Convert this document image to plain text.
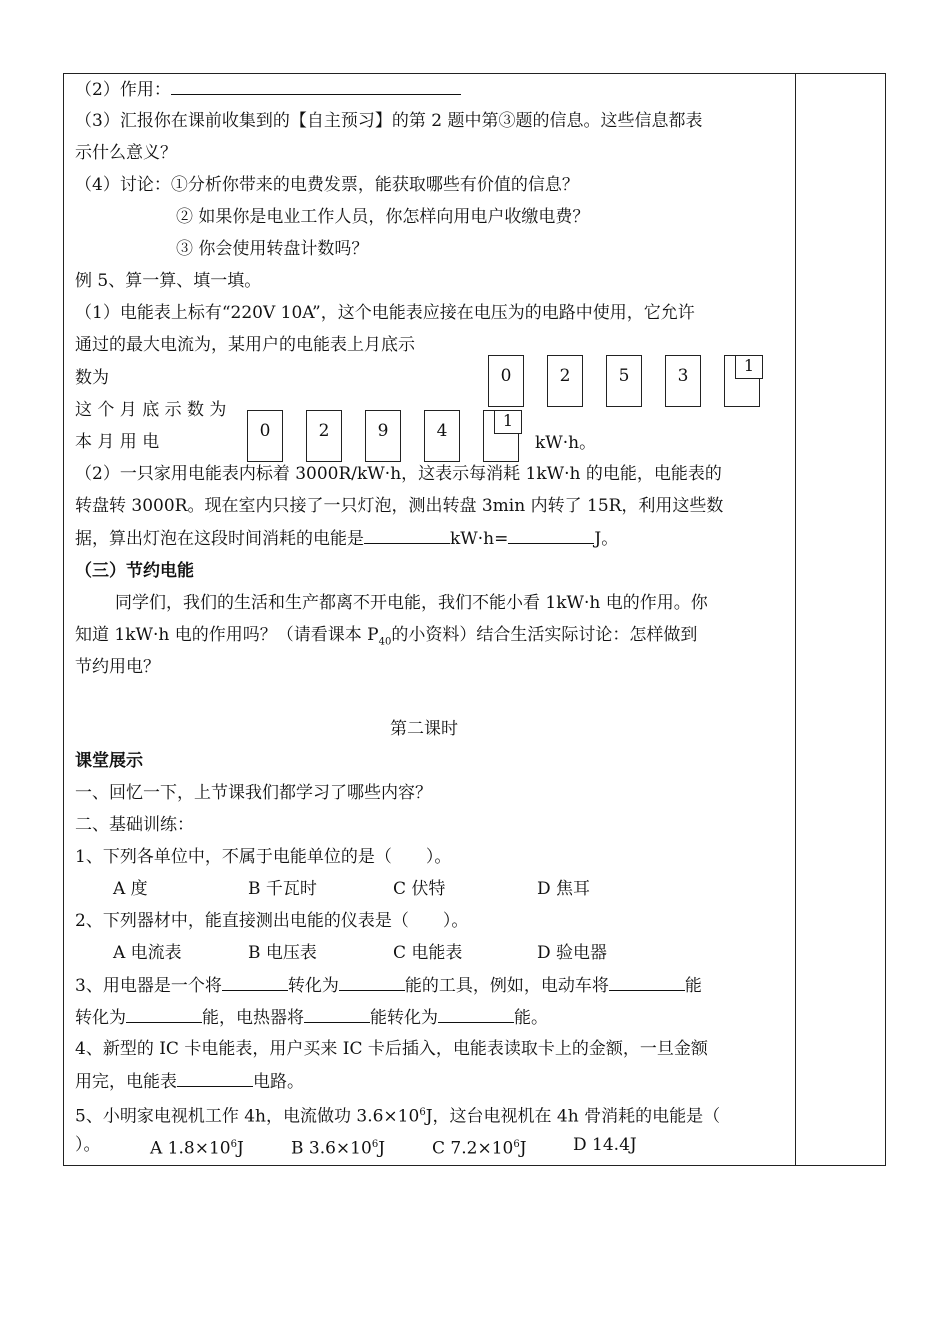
（2）作用：
（3）汇报你在课前收集到的【自主预习】的第 2 题中第③题的信息。这些信息都表
示什么意义？
（4）讨论：①分析你带来的电费发票，能获取哪些有价值的信息？
② 如果你是电业工作人员，你怎样向用电户收缴电费？
③ 你会使用转盘计数吗？
例 5、算一算、填一填。
（1）电能表上标有“220V 10A”，这个电能表应接在电压为的电路中使用，它允许
通过的最大电流为，某用户的电能表上月底示
数为
这 个 月 底 示 数 为
本 月 用 电
0	2	5	3
1
0	2	9	4
1
kW·h。
（2）一只家用电能表内标着 3000R/kW·h，这表示每消耗 1kW·h 的电能，电能表的
转盘转 3000R。现在室内只接了一只灯泡，测出转盘 3min 内转了 15R，利用这些数
据，算出灯泡在这段时间消耗的电能是	kW·h=	J。
（三）节约电能
同学们，我们的生活和生产都离不开电能，我们不能小看 1kW·h 电的作用。你
知道 1kW·h 电的作用吗？（请看课本 $P_{40}$的小资料）结合生活实际讨论：怎样做到
节约用电？
第二课时
课堂展示
一、回忆一下，上节课我们都学习了哪些内容？
二、基础训练：
1、下列各单位中，不属于电能单位的是（　　）。
A 度	B 千瓦时	C 伏特	D 焦耳
2、下列器材中，能直接测出电能的仪表是（　　）。
A 电流表	B 电压表	C 电能表	D 验电器
3、用电器是一个将	转化为	能的工具，例如，电动车将	能
转化为	能，电热器将	能转化为	能。
4、新型的 IC 卡电能表，用户买来 IC 卡后插入，电能表读取卡上的金额，一旦金额
用完，电能表	电路。
5、小明家电视机工作 4h，电流做功 $3.6\times 10^6J$，这台电视机在 4h 骨消耗的电能是（
）。	A $1.8\times 10^6J$	B $3.6\times 10^6J$	C $7.2\times 10^6J$	D 14.4J
